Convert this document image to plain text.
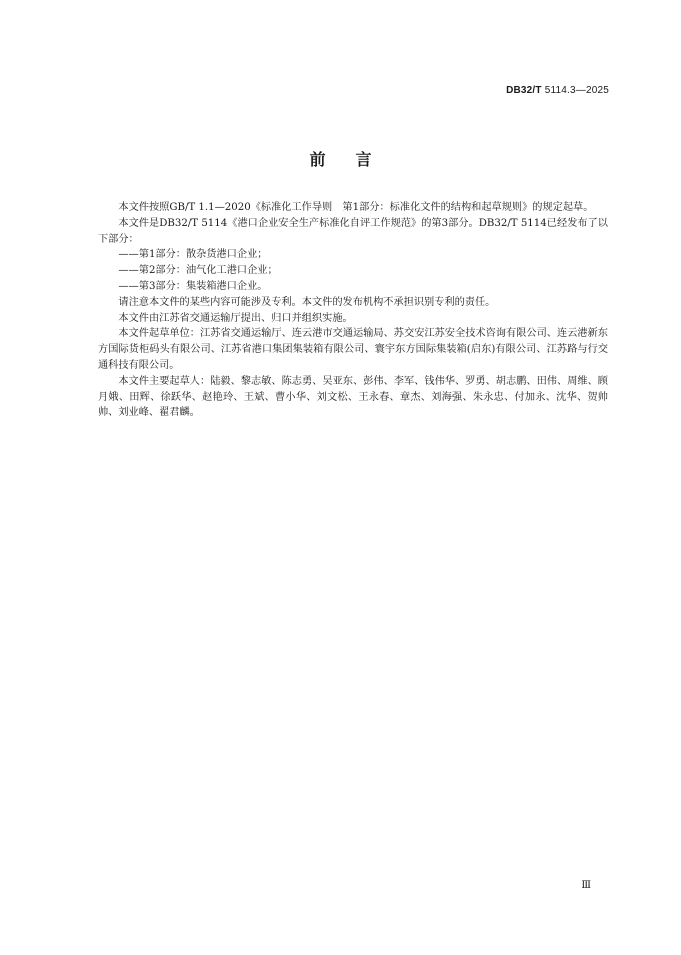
DB32/T 5114.3—2025
前 言

本文件按照GB/T 1.1—2020《标准化工作导则　第1部分：标准化文件的结构和起草规则》的规定起草。

本文件是DB32/T 5114《港口企业安全生产标准化自评工作规范》的第3部分。DB32/T 5114已经发布了以下部分：

——第1部分：散杂货港口企业；

——第2部分：油气化工港口企业；

——第3部分：集装箱港口企业。

请注意本文件的某些内容可能涉及专利。本文件的发布机构不承担识别专利的责任。

本文件由江苏省交通运输厅提出、归口并组织实施。

本文件起草单位：江苏省交通运输厅、连云港市交通运输局、苏交安江苏安全技术咨询有限公司、连云港新东方国际货柜码头有限公司、江苏省港口集团集装箱有限公司、寰宇东方国际集装箱(启东)有限公司、江苏路与行交通科技有限公司。

本文件主要起草人：陆毅、黎志敏、陈志勇、吴亚东、彭伟、李军、钱伟华、罗勇、胡志鹏、田伟、周维、顾月娥、田辉、徐跃华、赵艳玲、王斌、曹小华、刘文松、王永春、章杰、刘海强、朱永忠、付加永、沈华、贺帅帅、刘业峰、翟君麟。

Ⅲ
